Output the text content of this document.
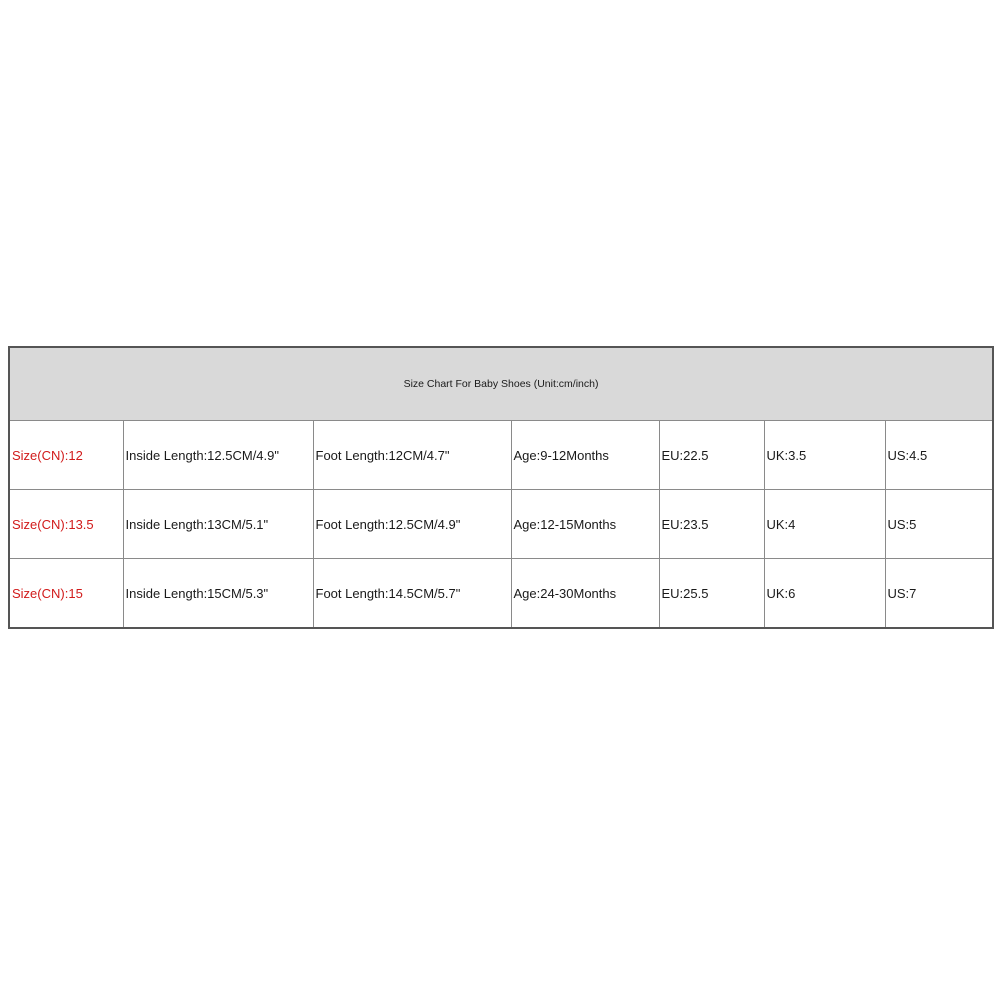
Size Chart For Baby Shoes (Unit:cm/inch)						
Size(CN):12	Inside Length:12.5CM/4.9"	Foot Length:12CM/4.7"	Age:9-12Months	EU:22.5	UK:3.5	US:4.5
Size(CN):13.5	Inside Length:13CM/5.1"	Foot Length:12.5CM/4.9"	Age:12-15Months	EU:23.5	UK:4	US:5
Size(CN):15	Inside Length:15CM/5.3"	Foot Length:14.5CM/5.7"	Age:24-30Months	EU:25.5	UK:6	US:7
